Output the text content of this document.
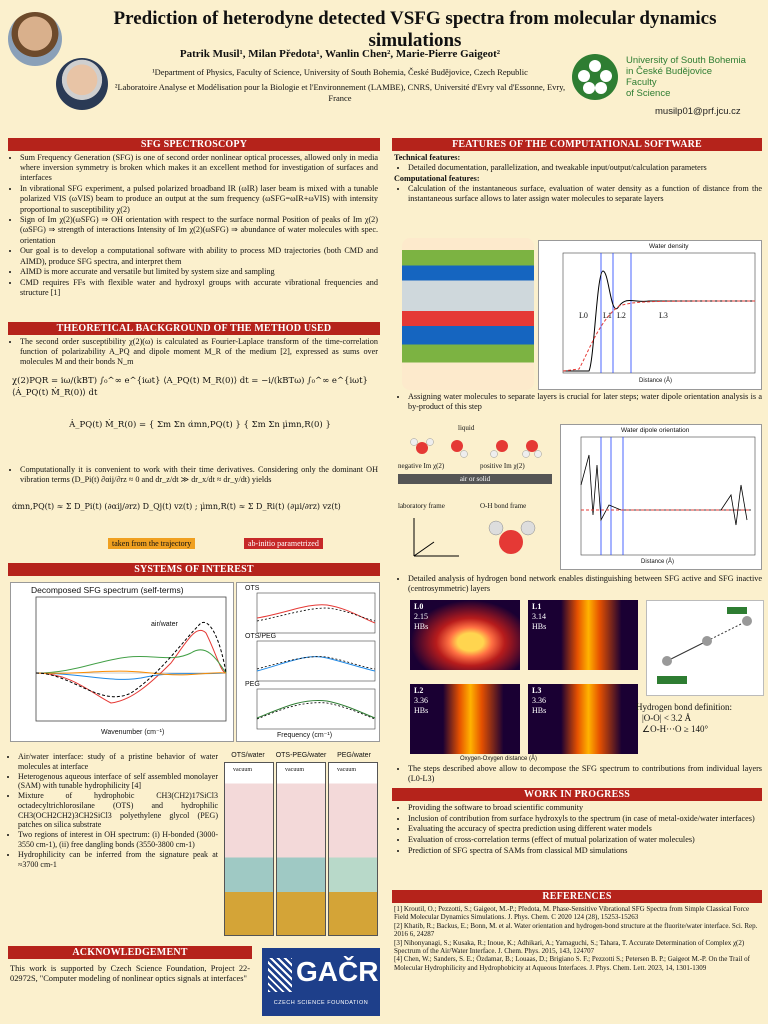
Prediction of heterodyne detected VSFG spectra from molecular dynamics simulations
Patrik Musil¹, Milan Předota¹, Wanlin Chen², Marie-Pierre Gaigeot²
¹Department of Physics, Faculty of Science, University of South Bohemia, České Budějovice, Czech Republic
²Laboratoire Analyse et Modélisation pour la Biologie et l'Environnement (LAMBE), CNRS, Université d'Evry val d'Essonne, Evry, France
University of South Bohemia
in České Budějovice
Faculty
of Science
musilp01@prf.jcu.cz
SFG SPECTROSCOPY
• Sum Frequency Generation (SFG) is one of second order nonlinear optical processes, allowed only in media where inversion symmetry is broken which makes it an excellent method for investigation of surfaces and interfaces
• In vibrational SFG experiment, a pulsed polarized broadband IR (ωIR) laser beam is mixed with a tunable polarized VIS (ωVIS) beam to produce an output at the sum frequency (ωSFG=ωIR+ωVIS) with intensity proportional to susceptibility χ(2)
• Sign of Im χ(2)(ωSFG) ⇒ OH orientation with respect to the surface normal Position of peaks of Im χ(2)(ωSFG) ⇒ strength of interactions Intensity of Im χ(2)(ωSFG) ⇒ abundance of water molecules with spec. orientation
• Our goal is to develop a computational software with ability to process MD trajectories (both CMD and AIMD), produce SFG spectra, and interpret them
• AIMD is more accurate and versatile but limited by system size and sampling
• CMD requires FFs with flexible water and hydroxyl groups with accurate vibrational frequencies and structure [1]
THEORETICAL BACKGROUND OF THE METHOD USED
• The second order susceptibility χ(2)(ω) is calculated as Fourier-Laplace transform of the time-correlation function of polarizability A_PQ and dipole moment M_R of the medium [2], expressed as sums over molecules M and their bonds N_m
χ(2)PQR = iω/(kBT) ∫₀^∞ e^{iωt} ⟨A_PQ(t) M_R(0)⟩ dt = −i/(kBTω) ∫₀^∞ e^{iωt} ⟨Ȧ_PQ(t) Ṁ_R(0)⟩ dt
Ȧ_PQ(t) Ṁ_R(0) = { Σm Σn α̇mn,PQ(t) } { Σm Σn μ̇mn,R(0) }
• Computationally it is convenient to work with their time derivatives. Considering only the dominant OH vibration terms (D_Pi(t) ∂αij/∂rz ≈ 0 and dr_z/dt ≫ dr_x/dt ≈ dr_y/dt) yields
α̇mn,PQ(t) ≈ Σ D_Pi(t) (∂αij/∂rz) D_Qj(t) vz(t) ; μ̇mn,R(t) ≈ Σ D_Ri(t) (∂μi/∂rz) vz(t)
taken from the trajectory	ab-initio parametrized
SYSTEMS OF INTEREST
Decomposed SFG spectrum (self-terms)
air/water
Wavenumber (cm⁻¹)
OTS
OTS/PEG
PEG
Frequency (cm⁻¹)
• Air/water interface: study of a pristine behavior of water molecules at interface
• Heterogenous aqueous interface of self assembled monolayer (SAM) with tunable hydrophilicity [4]
• Mixture of hydrophobic CH3(CH2)17SiCl3 octadecyltrichlorosilane (OTS) and hydrophilic CH3(OCH2CH2)3CH2SiCl3 polyethylene glycol (PEG) patches on silica substrate
• Two regions of interest in OH spectrum: (i) H-bonded (3000-3550 cm-1), (ii) free dangling bonds (3550-3800 cm-1)
• Hydrophilicity can be inferred from the signature peak at ≈3700 cm-1
OTS/water	OTS-PEG/water	PEG/water
vacuum	vacuum	vacuum
ACKNOWLEDGEMENT
This work is supported by Czech Science Foundation, Project 22-02972S, "Computer modeling of nonlinear optics signals at interfaces" GAČR
CZECH SCIENCE FOUNDATION
FEATURES OF THE COMPUTATIONAL SOFTWARE
Technical features:
• Detailed documentation, parallelization, and tweakable input/output/calculation parameters
Computational features:
• Calculation of the instantaneous surface, evaluation of water density as a function of distance from the instantaneous surface allows to later assign water molecules to separate layers
Water density
L0 L1 L2	L3
Distance (Å)
• Assigning water molecules to separate layers is crucial for later steps; water dipole orientation analysis is a by-product of this step
liquid
negative Im χ(2)	positive Im χ(2)
air or solid
laboratory frame	O-H bond frame
Water dipole orientation
Distance (Å)
• Detailed analysis of hydrogen bond network enables distinguishing between SFG active and SFG inactive (centrosymmetric) layers
L0
2.15
HBs
L1
3.14
HBs
L2
3.36
HBs
L3
3.36
HBs
Oxygen-Oxygen distance (Å)
Hydrogen bond definition:
|O-O| < 3.2 Å
∠O-H···O ≥ 140°
• The steps described above allow to decompose the SFG spectrum to contributions from individual layers (L0-L3)
WORK IN PROGRESS
• Providing the software to broad scientific community
• Inclusion of contribution from surface hydroxyls to the spectrum (in case of metal-oxide/water interfaces)
• Evaluating the accuracy of spectra prediction using different water models
• Evaluation of cross-correlation terms (effect of mutual polarization of water molecules)
• Prediction of SFG spectra of SAMs from classical MD simulations
REFERENCES
[1] Kroutil, O.; Pezzotti, S.; Gaigeot, M.-P.; Předota, M. Phase-Sensitive Vibrational SFG Spectra from Simple Classical Force Field Molecular Dynamics Simulations. J. Phys. Chem. C 2020 124 (28), 15253-15263
[2] Khatib, R.; Backus, E.; Bonn, M. et al. Water orientation and hydrogen-bond structure at the fluorite/water interface. Sci. Rep. 2016 6, 24287
[3] Nihonyanagi, S.; Kusaka, R.; Inoue, K.; Adhikari, A.; Yamaguchi, S.; Tahara, T. Accurate Determination of Complex χ(2) Spectrum of the Air/Water Interface. J. Chem. Phys. 2015, 143, 124707
[4] Chen, W.; Sanders, S. E.; Özdamar, B.; Louaas, D.; Brigiano S. F.; Pezzotti S.; Petersen B. P.; Gaigeot M.-P. On the Trail of Molecular Hydrophilicity and Hydrophobicity at Aqueous Interfaces. J. Phys. Chem. Lett. 2023, 14, 1301-1309
